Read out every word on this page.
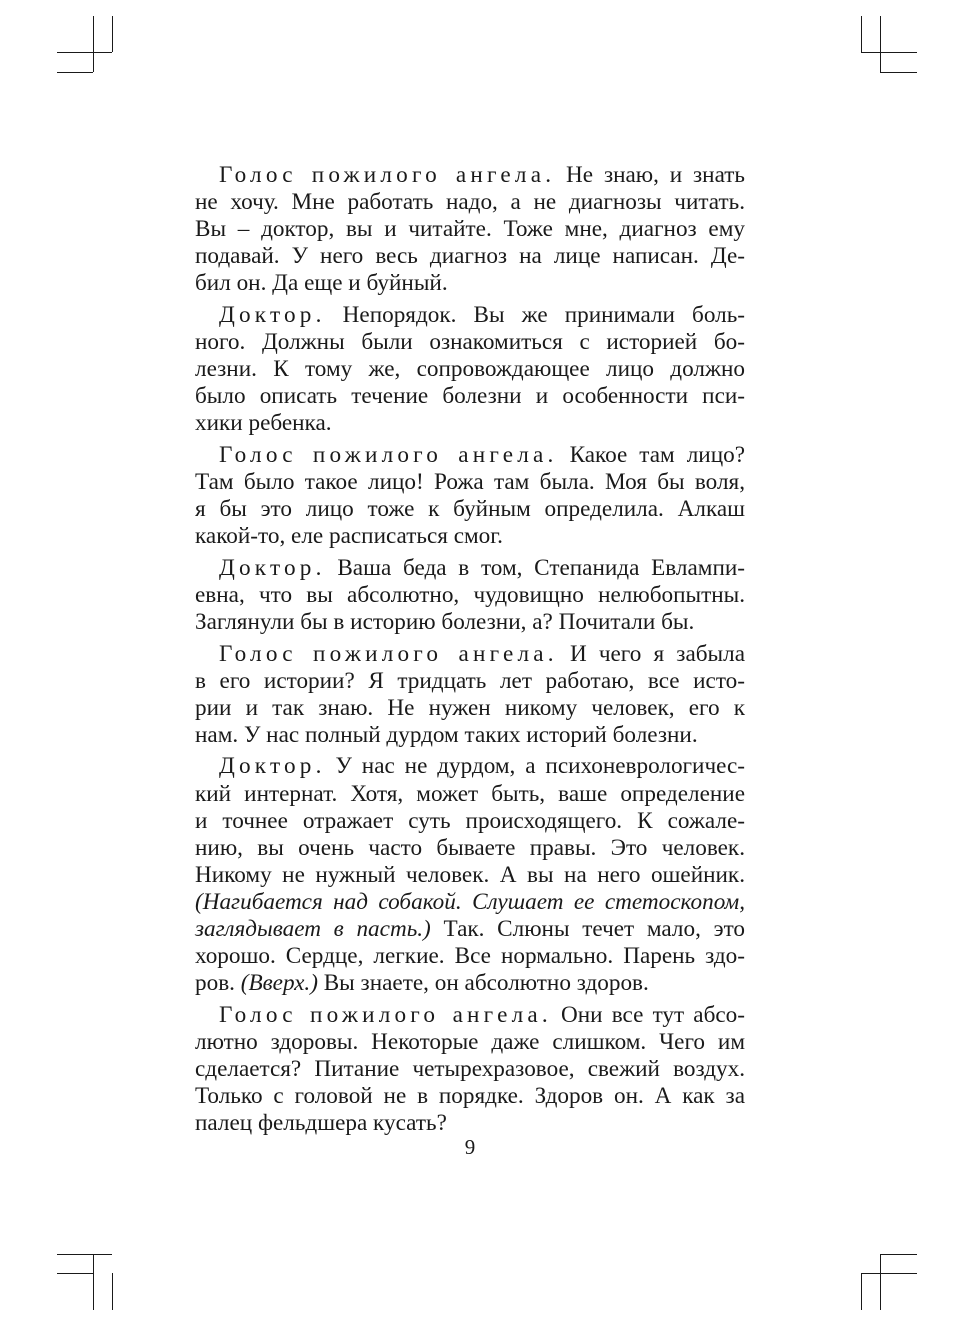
Голос пожилого ангела. Не знаю, и знать
не хочу. Мне работать надо, а не диагнозы читать.
Вы – доктор, вы и читайте. Тоже мне, диагноз ему
подавай. У него весь диагноз на лице написан. Де-
бил он. Да еще и буйный.
Доктор. Непорядок. Вы же принимали боль-
ного. Должны были ознакомиться с историей бо-
лезни. К тому же, сопровождающее лицо должно
было описать течение болезни и особенности пси-
хики ребенка.
Голос пожилого ангела. Какое там лицо?
Там было такое лицо! Рожа там была. Моя бы воля,
я бы это лицо тоже к буйным определила. Алкаш
какой-то, еле расписаться смог.
Доктор. Ваша беда в том, Степанида Евлампи-
евна, что вы абсолютно, чудовищно нелюбопытны.
Заглянули бы в историю болезни, а? Почитали бы.
Голос пожилого ангела. И чего я забыла
в его истории? Я тридцать лет работаю, все исто-
рии и так знаю. Не нужен никому человек, его к
нам. У нас полный дурдом таких историй болезни.
Доктор. У нас не дурдом, а психоневрологичес-
кий интернат. Хотя, может быть, ваше определение
и точнее отражает суть происходящего. К сожале-
нию, вы очень часто бываете правы. Это человек.
Никому не нужный человек. А вы на него ошейник.
(Нагибается над собакой. Слушает ее стетоскопом,
заглядывает в пасть.) Так. Слюны течет мало, это
хорошо. Сердце, легкие. Все нормально. Парень здо-
ров. (Вверх.) Вы знаете, он абсолютно здоров.
Голос пожилого ангела. Они все тут абсо-
лютно здоровы. Некоторые даже слишком. Чего им
сделается? Питание четырехразовое, свежий воздух.
Только с головой не в порядке. Здоров он. А как за
палец фельдшера кусать?
9
